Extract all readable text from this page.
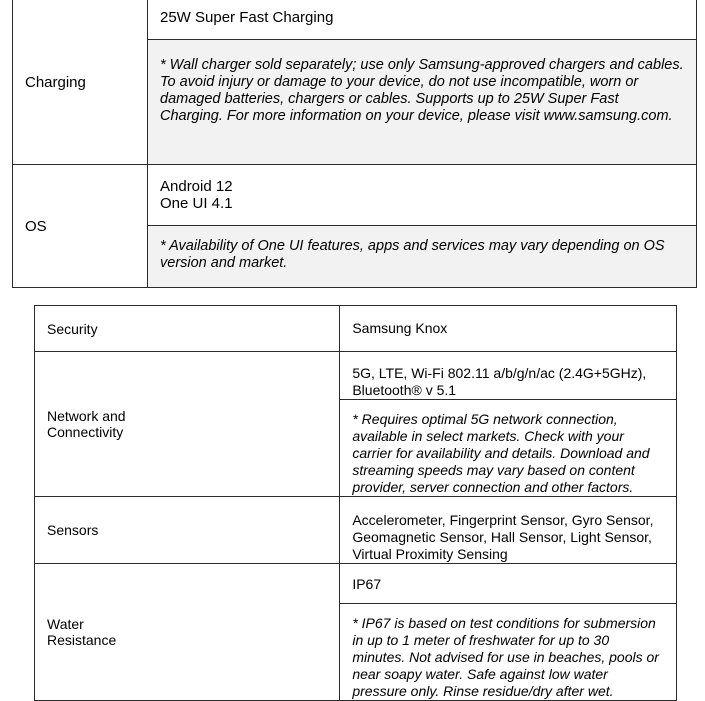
Charging	25W Super Fast Charging

	* Wall charger sold separately; use only Samsung-approved chargers and cables. To avoid injury or damage to your device, do not use incompatible, worn or damaged batteries, chargers or cables. Supports up to 25W Super Fast Charging. For more information on your device, please visit www.samsung.com.

OS	Android 12
One UI 4.1

	* Availability of One UI features, apps and services may vary depending on OS version and market.
Security	Samsung Knox

Network and
Connectivity	5G, LTE, Wi-Fi 802.11 a/b/g/n/ac (2.4G+5GHz), Bluetooth® v 5.1

	* Requires optimal 5G network connection, available in select markets. Check with your carrier for availability and details. Download and streaming speeds may vary based on content provider, server connection and other factors.

Sensors	Accelerometer, Fingerprint Sensor, Gyro Sensor, Geomagnetic Sensor, Hall Sensor, Light Sensor, Virtual Proximity Sensing

Water
Resistance	IP67

	* IP67 is based on test conditions for submersion in up to 1 meter of freshwater for up to 30 minutes. Not advised for use in beaches, pools or near soapy water. Safe against low water pressure only. Rinse residue/dry after wet.
